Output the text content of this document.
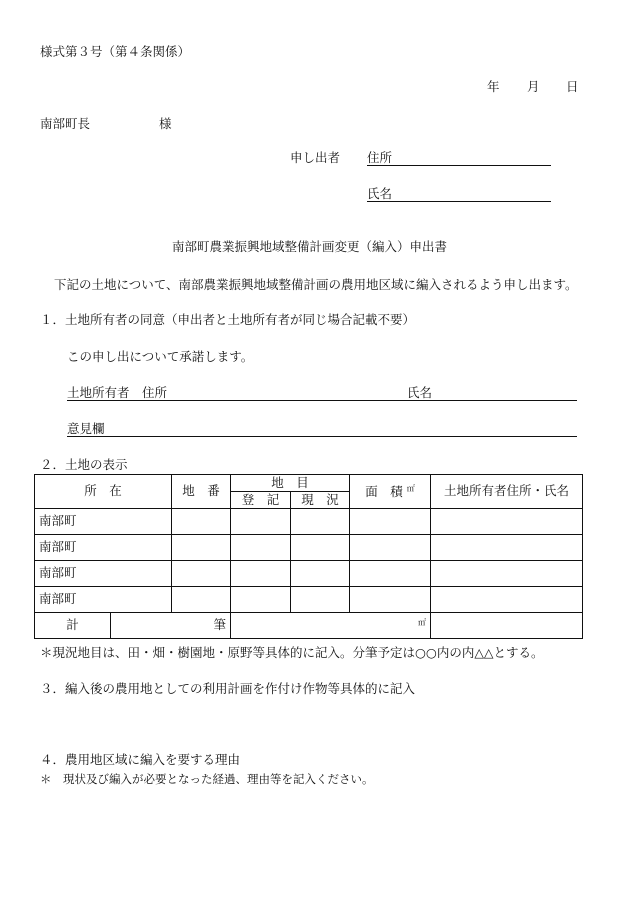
様式第３号（第４条関係）
年 月 日
南部町長	様
申し出者 住所
氏名
南部町農業振興地域整備計画変更（編入）申出書
下記の土地について、南部農業振興地域整備計画の農用地区域に編入されるよう申し出ます。
１．土地所有者の同意（申出者と土地所有者が同じ場合記載不要）
この申し出について承諾します。
土地所有者　住所	氏名
意見欄
２．土地の表示
所　在		地　番	地　目		面　積 ㎡	土地所有者住所・氏名
			登　記	現　況		
南部町						
南部町						
南部町						
南部町						
計	筆		㎡	
＊現況地目は、田・畑・樹園地・原野等具体的に記入。分筆予定は○○内の内△△とする。
３．編入後の農用地としての利用計画を作付け作物等具体的に記入
４．農用地区域に編入を要する理由
＊　現状及び編入が必要となった経過、理由等を記入ください。
